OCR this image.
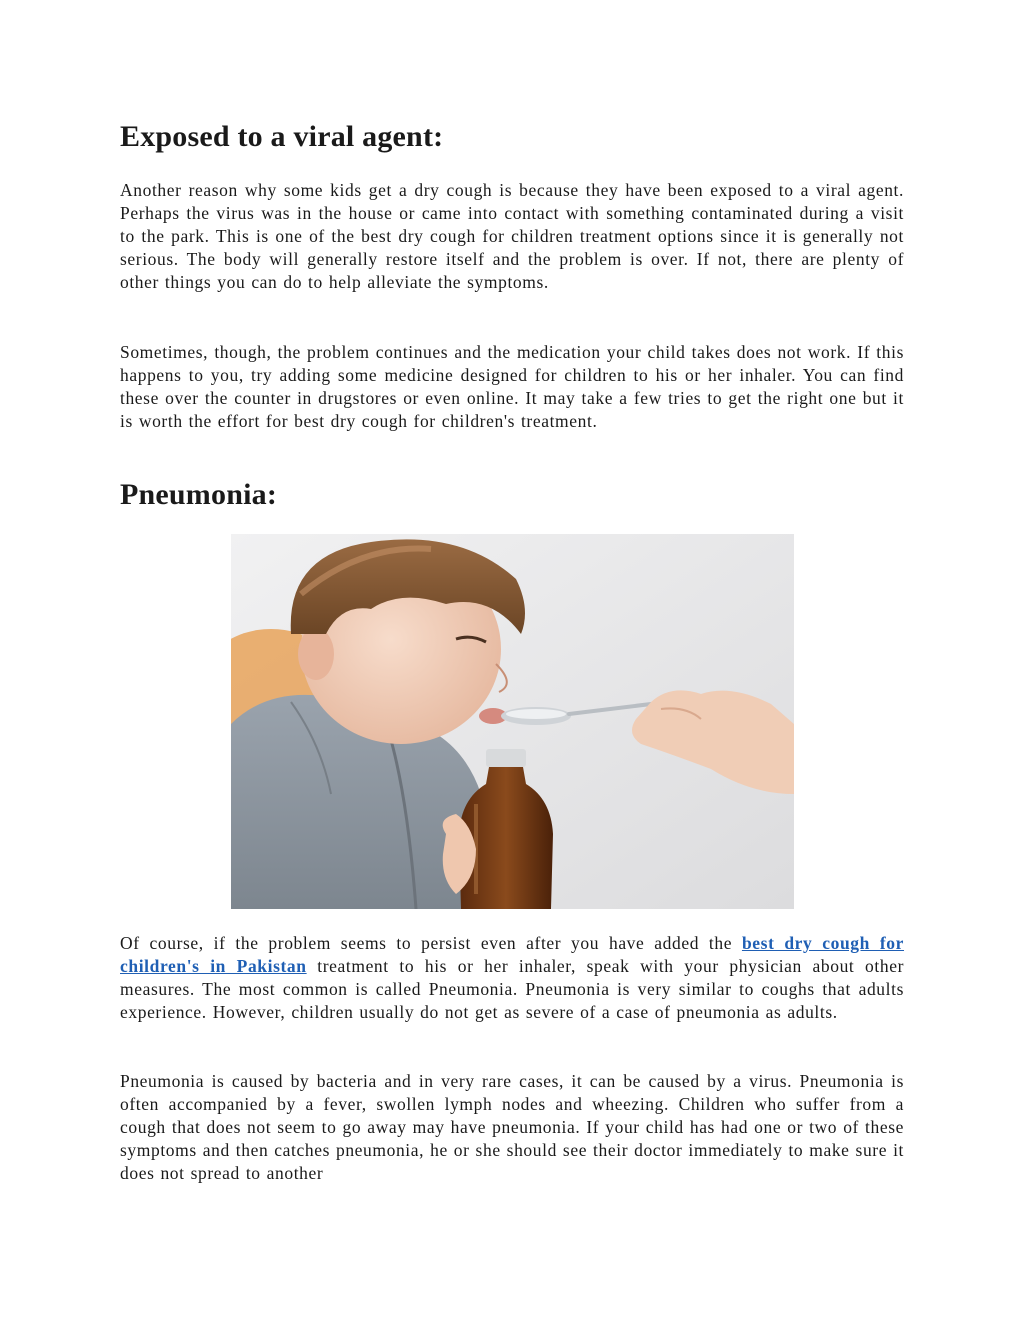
Exposed to a viral agent:

Another reason why some kids get a dry cough is because they have been exposed to a viral agent. Perhaps the virus was in the house or came into contact with something contaminated during a visit to the park. This is one of the best dry cough for children treatment options since it is generally not serious. The body will generally restore itself and the problem is over. If not, there are plenty of other things you can do to help alleviate the symptoms.

Sometimes, though, the problem continues and the medication your child takes does not work. If this happens to you, try adding some medicine designed for children to his or her inhaler. You can find these over the counter in drugstores or even online. It may take a few tries to get the right one but it is worth the effort for best dry cough for children's treatment.

Pneumonia:

Of course, if the problem seems to persist even after you have added the best dry cough for children's in Pakistan treatment to his or her inhaler, speak with your physician about other measures. The most common is called Pneumonia. Pneumonia is very similar to coughs that adults experience. However, children usually do not get as severe of a case of pneumonia as adults.

Pneumonia is caused by bacteria and in very rare cases, it can be caused by a virus. Pneumonia is often accompanied by a fever, swollen lymph nodes and wheezing. Children who suffer from a cough that does not seem to go away may have pneumonia. If your child has had one or two of these symptoms and then catches pneumonia, he or she should see their doctor immediately to make sure it does not spread to another
